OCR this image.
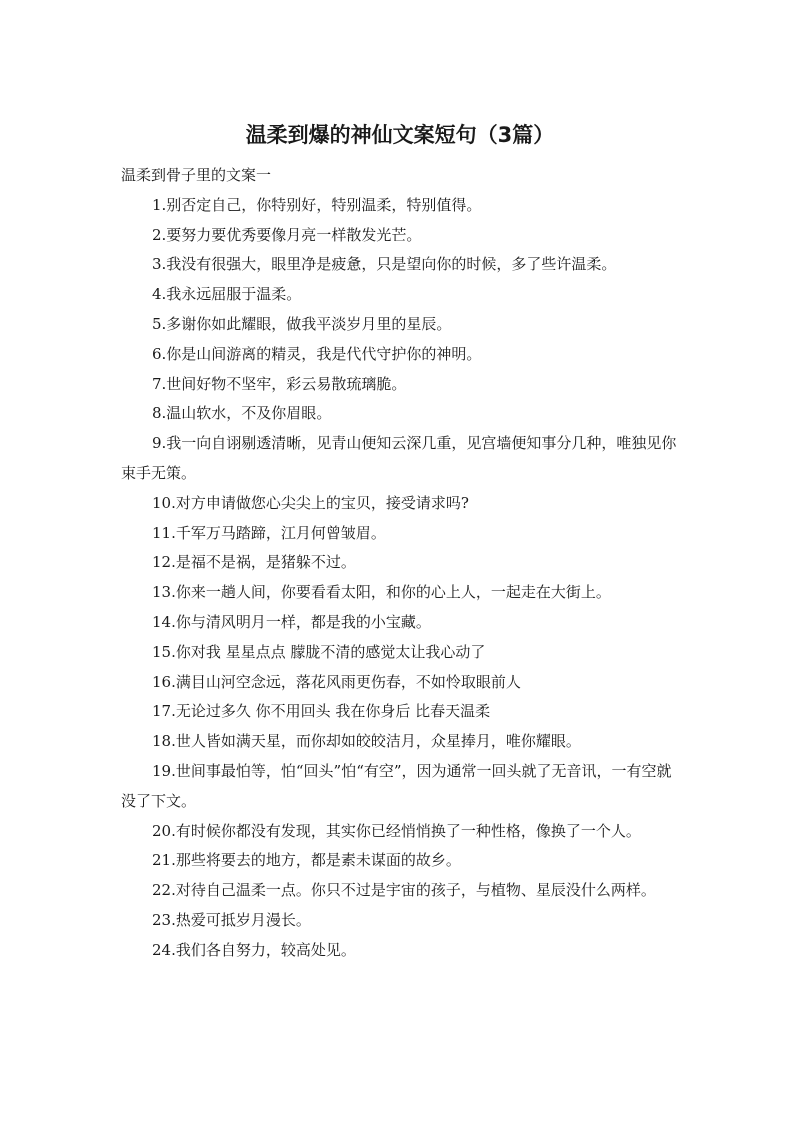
温柔到爆的神仙文案短句（3篇）

温柔到骨子里的文案一

1.别否定自己，你特别好，特别温柔，特别值得。

2.要努力要优秀要像月亮一样散发光芒。

3.我没有很强大，眼里净是疲惫，只是望向你的时候，多了些许温柔。

4.我永远屈服于温柔。

5.多谢你如此耀眼，做我平淡岁月里的星辰。

6.你是山间游离的精灵，我是代代守护你的神明。

7.世间好物不坚牢，彩云易散琉璃脆。

8.温山软水，不及你眉眼。

9.我一向自诩剔透清晰，见青山便知云深几重，见宫墙便知事分几种，唯独见你束手无策。

10.对方申请做您心尖尖上的宝贝，接受请求吗?

11.千军万马踏蹄，江月何曾皱眉。

12.是福不是祸，是猪躲不过。

13.你来一趟人间，你要看看太阳，和你的心上人，一起走在大街上。

14.你与清风明月一样，都是我的小宝藏。

15.你对我 星星点点 朦胧不清的感觉太让我心动了

16.满目山河空念远，落花风雨更伤春，不如怜取眼前人

17.无论过多久 你不用回头 我在你身后 比春天温柔

18.世人皆如满天星，而你却如皎皎洁月，众星捧月，唯你耀眼。

19.世间事最怕等，怕“回头”怕“有空”，因为通常一回头就了无音讯，一有空就没了下文。

20.有时候你都没有发现，其实你已经悄悄换了一种性格，像换了一个人。

21.那些将要去的地方，都是素未谋面的故乡。

22.对待自己温柔一点。你只不过是宇宙的孩子，与植物、星辰没什么两样。

23.热爱可抵岁月漫长。

24.我们各自努力，较高处见。
